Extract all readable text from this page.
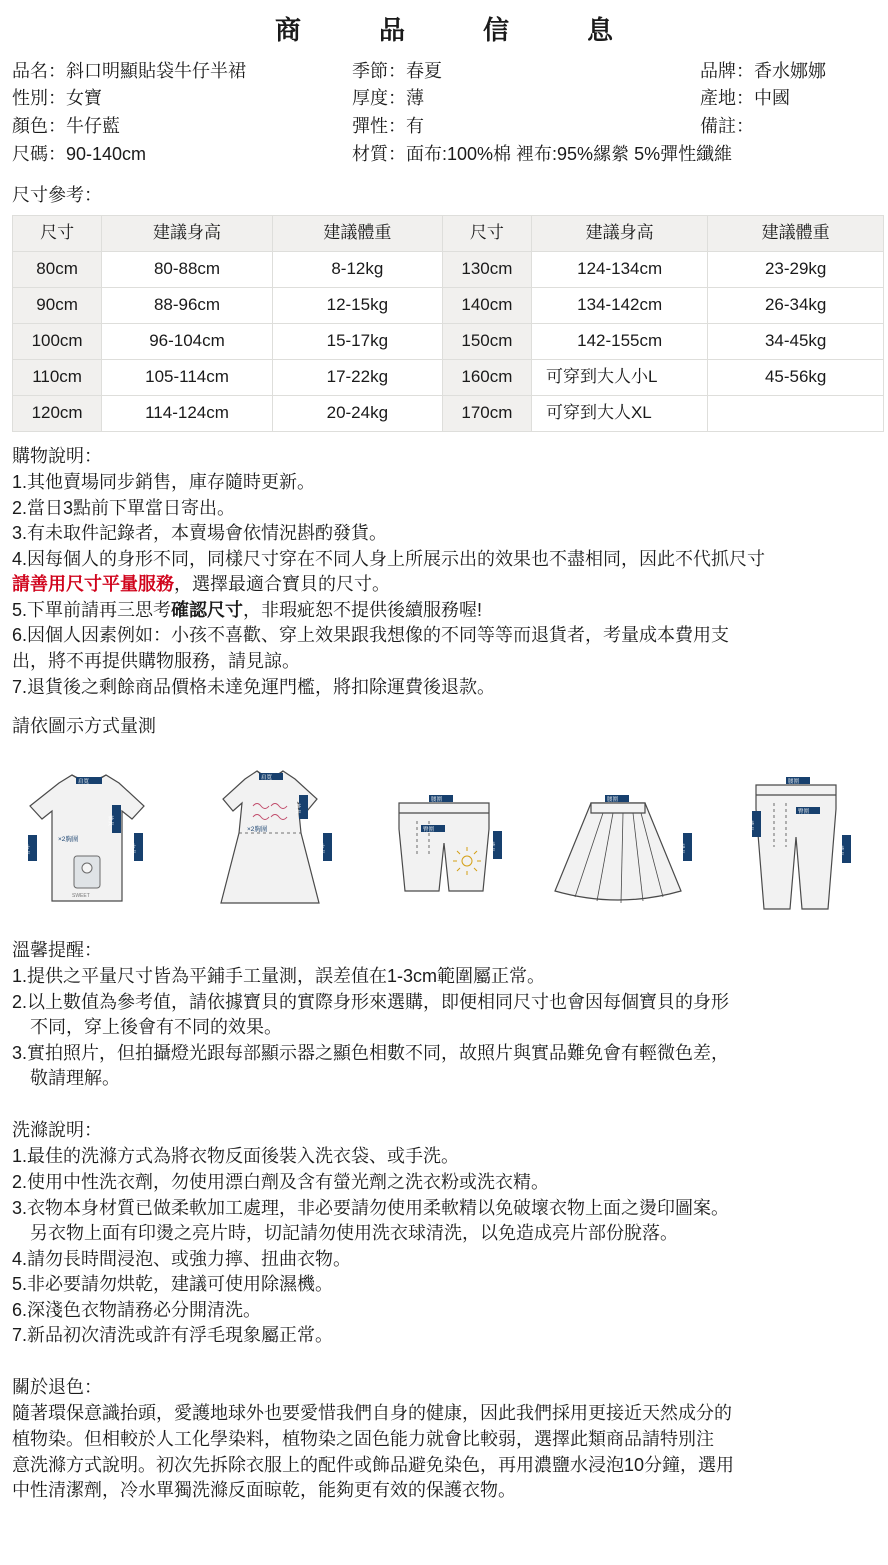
商　品　信　息
品名：斜口明顯貼袋牛仔半裙	季節：春夏	品牌：香水娜娜
性別：女寶	厚度：薄	產地：中國
顏色：牛仔藍	彈性：有	備註：
尺碼：90-140cm	材質：面布:100%棉 裡布:95%縲縈 5%彈性纖維
尺寸參考：
尺寸	建議身高	建議體重	尺寸	建議身高	建議體重
80cm	80-88cm	8-12kg	130cm	124-134cm	23-29kg
90cm	88-96cm	12-15kg	140cm	134-142cm	26-34kg
100cm	96-104cm	15-17kg	150cm	142-155cm	34-45kg
110cm	105-114cm	17-22kg	160cm	可穿到大人小L	45-56kg
120cm	114-124cm	20-24kg	170cm	可穿到大人XL	

購物說明：

1.其他賣場同步銷售，庫存隨時更新。

2.當日3點前下單當日寄出。

3.有未取件記錄者，本賣場會依情況斟酌發貨。

4.因每個人的身形不同，同樣尺寸穿在不同人身上所展示出的效果也不盡相同，因此不代抓尺寸

請善用尺寸平量服務，選擇最適合寶貝的尺寸。

5.下單前請再三思考確認尺寸，非瑕疵恕不提供後續服務喔!

6.因個人因素例如：小孩不喜歡、穿上效果跟我想像的不同等等而退貨者，考量成本費用支

出，將不再提供購物服務，請見諒。

7.退貨後之剩餘商品價格未達免運門檻，將扣除運費後退款。

請依圖示方式量測
SWEET
肩寬
袖長
衣長
×2胸圍
衣長
肩寬
袖長
×2胸圍
衣長
腰圍
臀圍
褲長
腰圍
裙長
腰圍
臀圍
褲長
褲長

溫馨提醒：

1.提供之平量尺寸皆為平鋪手工量測，誤差值在1-3cm範圍屬正常。

2.以上數值為參考值，請依據寶貝的實際身形來選購，即便相同尺寸也會因每個寶貝的身形

不同，穿上後會有不同的效果。

3.實拍照片，但拍攝燈光跟每部顯示器之顯色相數不同，故照片與實品難免會有輕微色差，

敬請理解。

洗滌說明：

1.最佳的洗滌方式為將衣物反面後裝入洗衣袋、或手洗。

2.使用中性洗衣劑，勿使用漂白劑及含有螢光劑之洗衣粉或洗衣精。

3.衣物本身材質已做柔軟加工處理，非必要請勿使用柔軟精以免破壞衣物上面之燙印圖案。

另衣物上面有印燙之亮片時，切記請勿使用洗衣球清洗，以免造成亮片部份脫落。

4.請勿長時間浸泡、或強力擰、扭曲衣物。

5.非必要請勿烘乾，建議可使用除濕機。

6.深淺色衣物請務必分開清洗。

7.新品初次清洗或許有浮毛現象屬正常。

關於退色：

隨著環保意識抬頭，愛護地球外也要愛惜我們自身的健康，因此我們採用更接近天然成分的

植物染。但相較於人工化學染料，植物染之固色能力就會比較弱，選擇此類商品請特別注

意洗滌方式說明。初次先拆除衣服上的配件或飾品避免染色，再用濃鹽水浸泡10分鐘，選用

中性清潔劑，冷水單獨洗滌反面晾乾，能夠更有效的保護衣物。
